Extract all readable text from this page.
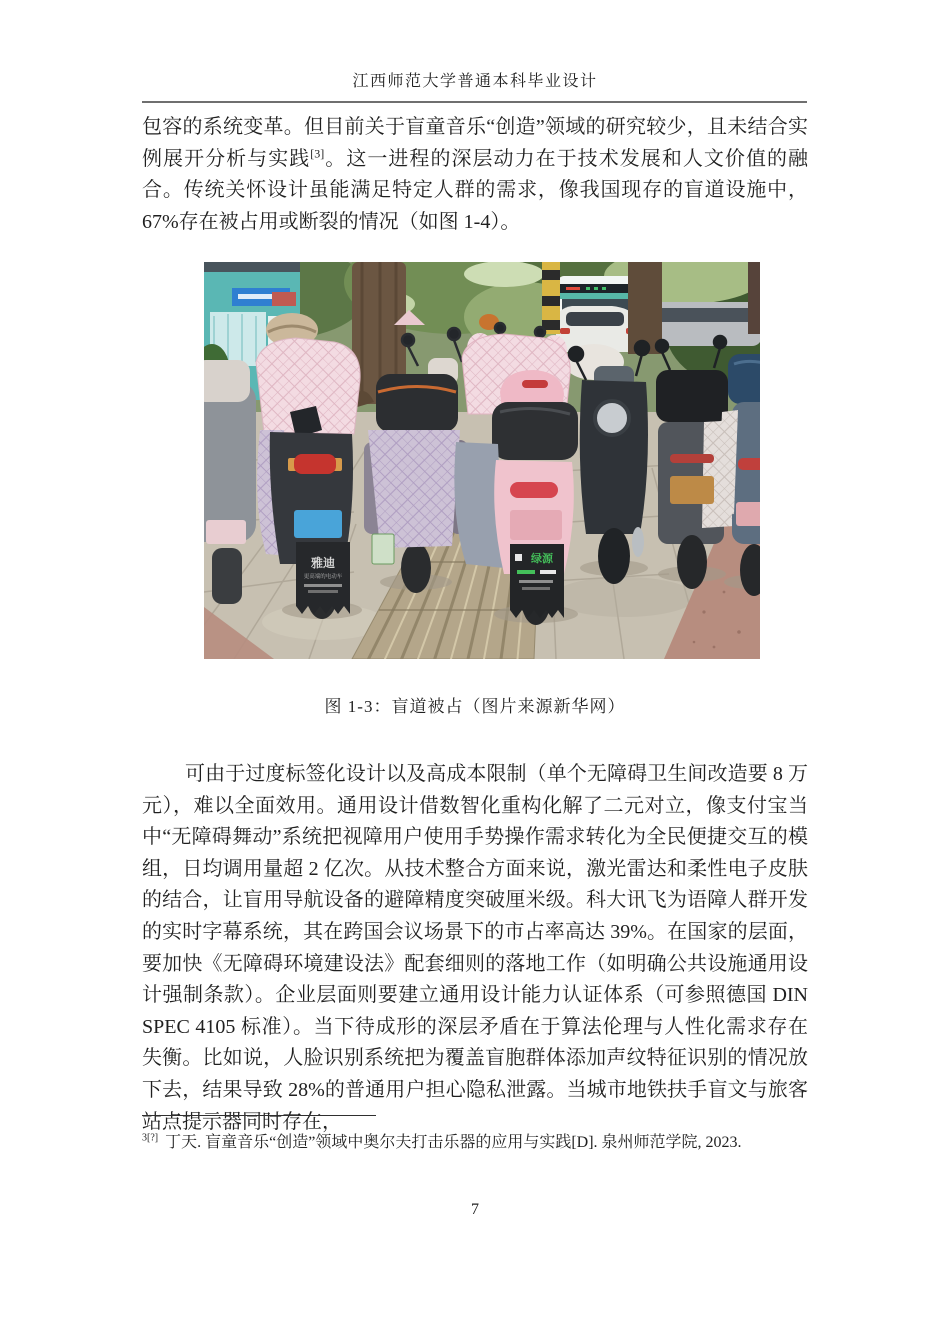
江西师范大学普通本科毕业设计

包容的系统变革。但目前关于盲童音乐“创造”领域的研究较少，且未结合实例展开分析与实践[3]。这一进程的深层动力在于技术发展和人文价值的融合。传统关怀设计虽能满足特定人群的需求，像我国现存的盲道设施中，67%存在被占用或断裂的情况（如图 1-4）。

雅迪
更高端的电动车
绿源
图 1-3：盲道被占（图片来源新华网）

可由于过度标签化设计以及高成本限制（单个无障碍卫生间改造要 8 万元），难以全面效用。通用设计借数智化重构化解了二元对立，像支付宝当中“无障碍舞动”系统把视障用户使用手势操作需求转化为全民便捷交互的模组，日均调用量超 2 亿次。从技术整合方面来说，激光雷达和柔性电子皮肤的结合，让盲用导航设备的避障精度突破厘米级。科大讯飞为语障人群开发的实时字幕系统，其在跨国会议场景下的市占率高达 39%。在国家的层面，要加快《无障碍环境建设法》配套细则的落地工作（如明确公共设施通用设计强制条款）。企业层面则要建立通用设计能力认证体系（可参照德国 DIN SPEC 4105 标准）。当下待成形的深层矛盾在于算法伦理与人性化需求存在失衡。比如说，人脸识别系统把为覆盖盲胞群体添加声纹特征识别的情况放下去，结果导致 28%的普通用户担心隐私泄露。当城市地铁扶手盲文与旅客站点提示器同时存在，

$^{3[?]}$ 丁天. 盲童音乐“创造”领域中奥尔夫打击乐器的应用与实践[D]. 泉州师范学院, 2023.
7
